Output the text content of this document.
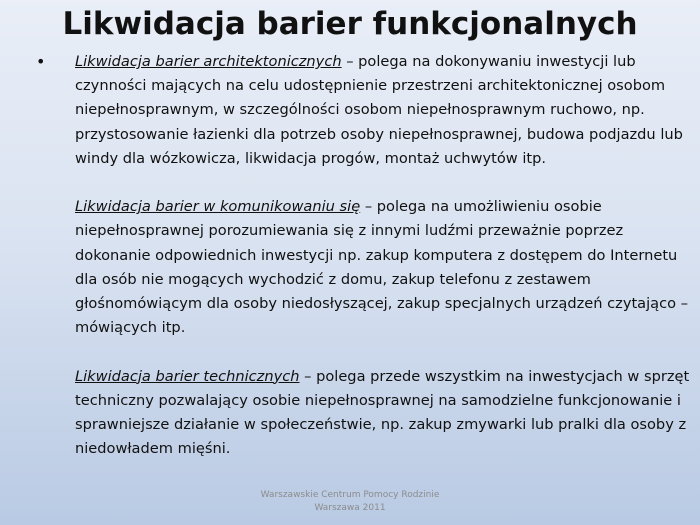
Likwidacja barier funkcjonalnych
• Likwidacja barier architektonicznych – polega na dokonywaniu inwestycji lub czynności mających na celu udostępnienie przestrzeni architektonicznej osobom niepełnosprawnym, w szczególności osobom niepełnosprawnym ruchowo, np. przystosowanie łazienki dla potrzeb osoby niepełnosprawnej, budowa podjazdu lub windy dla wózkowicza, likwidacja progów, montaż uchwytów itp.

Likwidacja barier w komunikowaniu się – polega na umożliwieniu osobie niepełnosprawnej porozumiewania się z innymi ludźmi przeważnie poprzez dokonanie odpowiednich inwestycji np. zakup komputera z dostępem do Internetu dla osób nie mogących wychodzić z domu, zakup telefonu z zestawem głośnomówiącym dla osoby niedosłyszącej, zakup specjalnych urządzeń czytająco – mówiących itp.

Likwidacja barier technicznych – polega przede wszystkim na inwestycjach w sprzęt techniczny pozwalający osobie niepełnosprawnej na samodzielne funkcjonowanie i sprawniejsze działanie w społeczeństwie, np. zakup zmywarki lub pralki dla osoby z niedowładem mięśni.

Warszawskie Centrum Pomocy Rodzinie
Warszawa 2011
